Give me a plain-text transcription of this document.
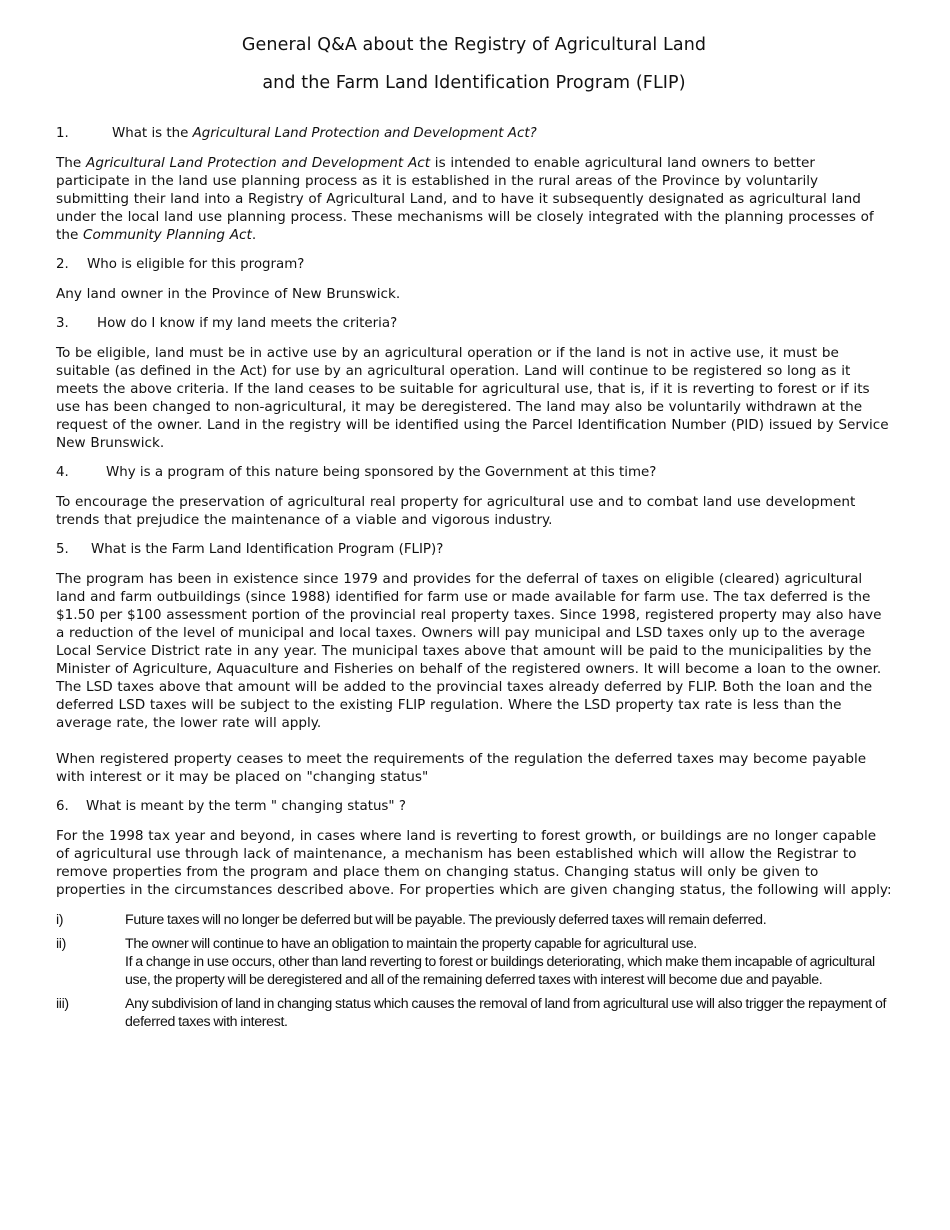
General Q&A about the Registry of Agricultural Land
and the Farm Land Identification Program (FLIP)
1.	What is the Agricultural Land Protection and Development Act?

The Agricultural Land Protection and Development Act is intended to enable agricultural land owners to better participate in the land use planning process as it is established in the rural areas of the Province by voluntarily submitting their land into a Registry of Agricultural Land, and to have it subsequently designated as agricultural land under the local land use planning process. These mechanisms will be closely integrated with the planning processes of the Community Planning Act.

2.	Who is eligible for this program?

Any land owner in the Province of New Brunswick.

3.	How do I know if my land meets the criteria?

To be eligible, land must be in active use by an agricultural operation or if the land is not in active use, it must be suitable (as defined in the Act) for use by an agricultural operation. Land will continue to be registered so long as it meets the above criteria. If the land ceases to be suitable for agricultural use, that is, if it is reverting to forest or if its use has been changed to non-agricultural, it may be deregistered. The land may also be voluntarily withdrawn at the request of the owner. Land in the registry will be identified using the Parcel Identification Number (PID) issued by Service New Brunswick.

4.	Why is a program of this nature being sponsored by the Government at this time?

To encourage the preservation of agricultural real property for agricultural use and to combat land use development trends that prejudice the maintenance of a viable and vigorous industry.

5.	What is the Farm Land Identification Program (FLIP)?

The program has been in existence since 1979 and provides for the deferral of taxes on eligible (cleared) agricultural land and farm outbuildings (since 1988) identified for farm use or made available for farm use. The tax deferred is the $1.50 per $100 assessment portion of the provincial real property taxes. Since 1998, registered property may also have a reduction of the level of municipal and local taxes. Owners will pay municipal and LSD taxes only up to the average Local Service District rate in any year. The municipal taxes above that amount will be paid to the municipalities by the Minister of Agriculture, Aquaculture and Fisheries on behalf of the registered owners. It will become a loan to the owner. The LSD taxes above that amount will be added to the provincial taxes already deferred by FLIP. Both the loan and the deferred LSD taxes will be subject to the existing FLIP regulation. Where the LSD property tax rate is less than the average rate, the lower rate will apply.

When registered property ceases to meet the requirements of the regulation the deferred taxes may become payable with interest or it may be placed on "changing status"

6.	What is meant by the term " changing status" ?

For the 1998 tax year and beyond, in cases where land is reverting to forest growth, or buildings are no longer capable of agricultural use through lack of maintenance, a mechanism has been established which will allow the Registrar to remove properties from the program and place them on changing status. Changing status will only be given to properties in the circumstances described above. For properties which are given changing status, the following will apply:

i)	Future taxes will no longer be deferred but will be payable. The previously deferred taxes will remain deferred.
ii)	The owner will continue to have an obligation to maintain the property capable for agricultural use.
If a change in use occurs, other than land reverting to forest or buildings deteriorating, which make them incapable of agricultural use, the property will be deregistered and all of the remaining deferred taxes with interest will become due and payable.
iii)	Any subdivision of land in changing status which causes the removal of land from agricultural use will also trigger the repayment of deferred taxes with interest.
